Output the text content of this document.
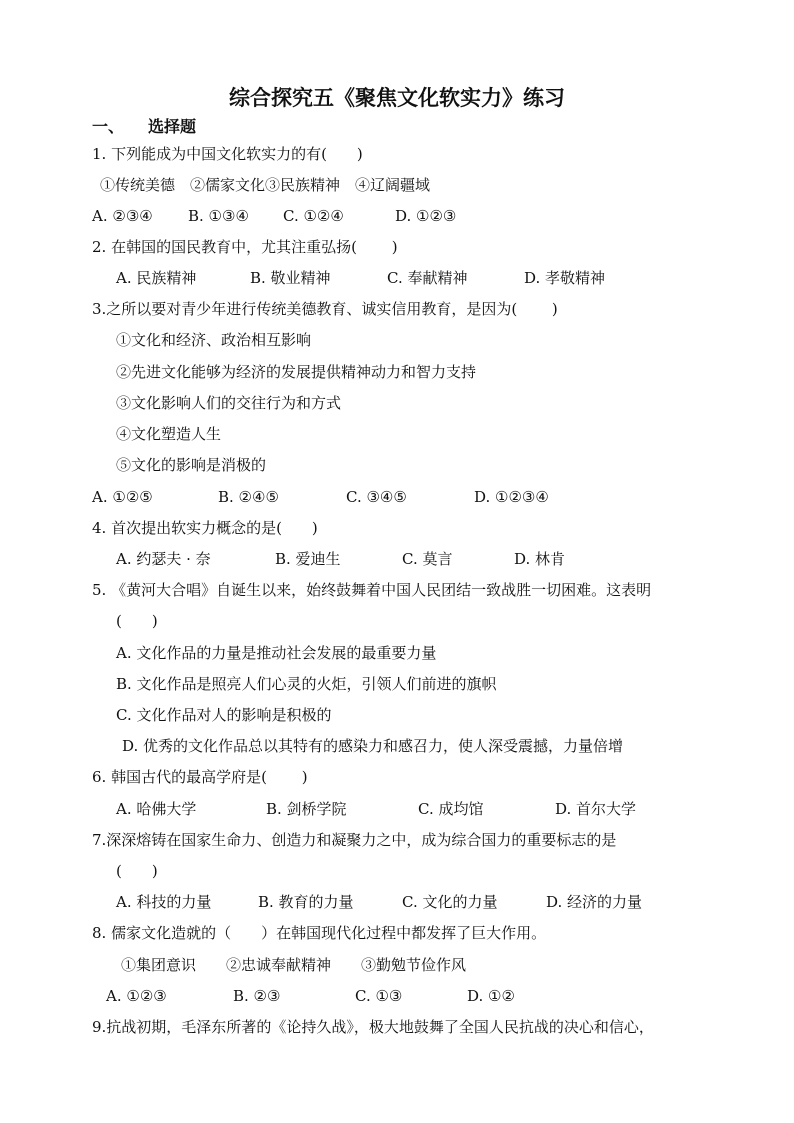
综合探究五《聚焦文化软实力》练习
一、 选择题
1. 下列能成为中国文化软实力的有(　　)
①传统美德　②儒家文化③民族精神　④辽阔疆域
A. ②③④ B. ①③④ C. ①②④	D. ①②③
2. 在韩国的国民教育中，尤其注重弘扬(　　 )
A. 民族精神	B. 敬业精神	C. 奉献精神	D. 孝敬精神
3.之所以要对青少年进行传统美德教育、诚实信用教育，是因为(　　 )
①文化和经济、政治相互影响
②先进文化能够为经济的发展提供精神动力和智力支持
③文化影响人们的交往行为和方式
④文化塑造人生
⑤文化的影响是消极的
A. ①②⑤	B. ②④⑤	C. ③④⑤	D. ①②③④
4. 首次提出软实力概念的是(　　)
A. 约瑟夫 · 奈	B. 爱迪生	C. 莫言	D. 林肯
5. 《黄河大合唱》自诞生以来，始终鼓舞着中国人民团结一致战胜一切困难。这表明
(　　)
A. 文化作品的力量是推动社会发展的最重要力量
B. 文化作品是照亮人们心灵的火炬，引领人们前进的旗帜
C. 文化作品对人的影响是积极的
D. 优秀的文化作品总以其特有的感染力和感召力，使人深受震撼，力量倍增
6. 韩国古代的最高学府是(　　 )
A. 哈佛大学	B. 剑桥学院	C. 成均馆	D. 首尔大学
7.深深熔铸在国家生命力、创造力和凝聚力之中，成为综合国力的重要标志的是
(　　)
A. 科技的力量	B. 教育的力量	C. 文化的力量	D. 经济的力量
8. 儒家文化造就的（　　）在韩国现代化过程中都发挥了巨大作用。
①集团意识　　②忠诚奉献精神　　③勤勉节俭作风
A. ①②③	B. ②③	C. ①③	D. ①②
9.抗战初期，毛泽东所著的《论持久战》，极大地鼓舞了全国人民抗战的决心和信心，
